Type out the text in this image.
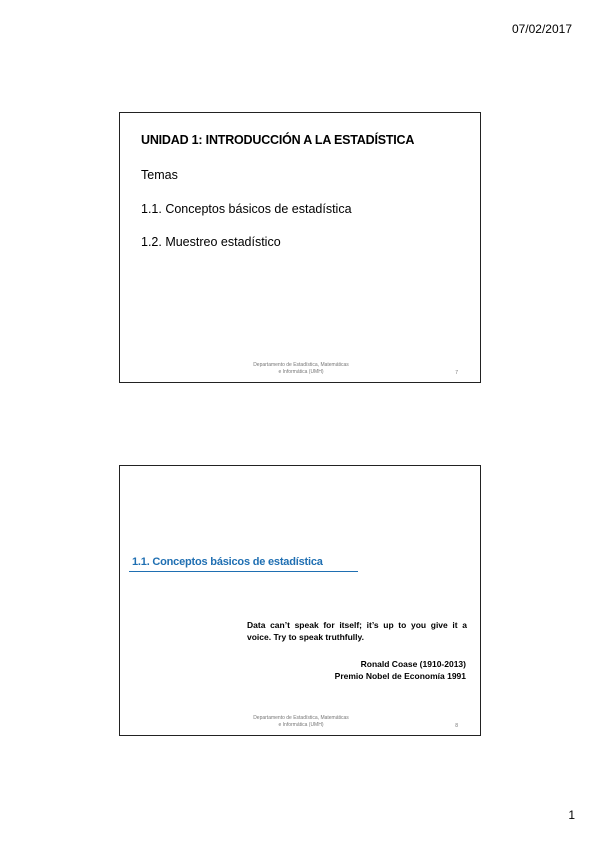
07/02/2017
UNIDAD 1: INTRODUCCIÓN A LA ESTADÍSTICA
Temas
1.1. Conceptos básicos de estadística
1.2. Muestreo estadístico
Departamento de Estadística, Matemáticas
e Informática (UMH)	7
1.1. Conceptos básicos de estadística
Data can’t speak for itself; it’s up to you give it a voice. Try to speak truthfully.
Ronald Coase (1910-2013)
Premio Nobel de Economía 1991
Departamento de Estadística, Matemáticas
e Informática (UMH)	8
1
